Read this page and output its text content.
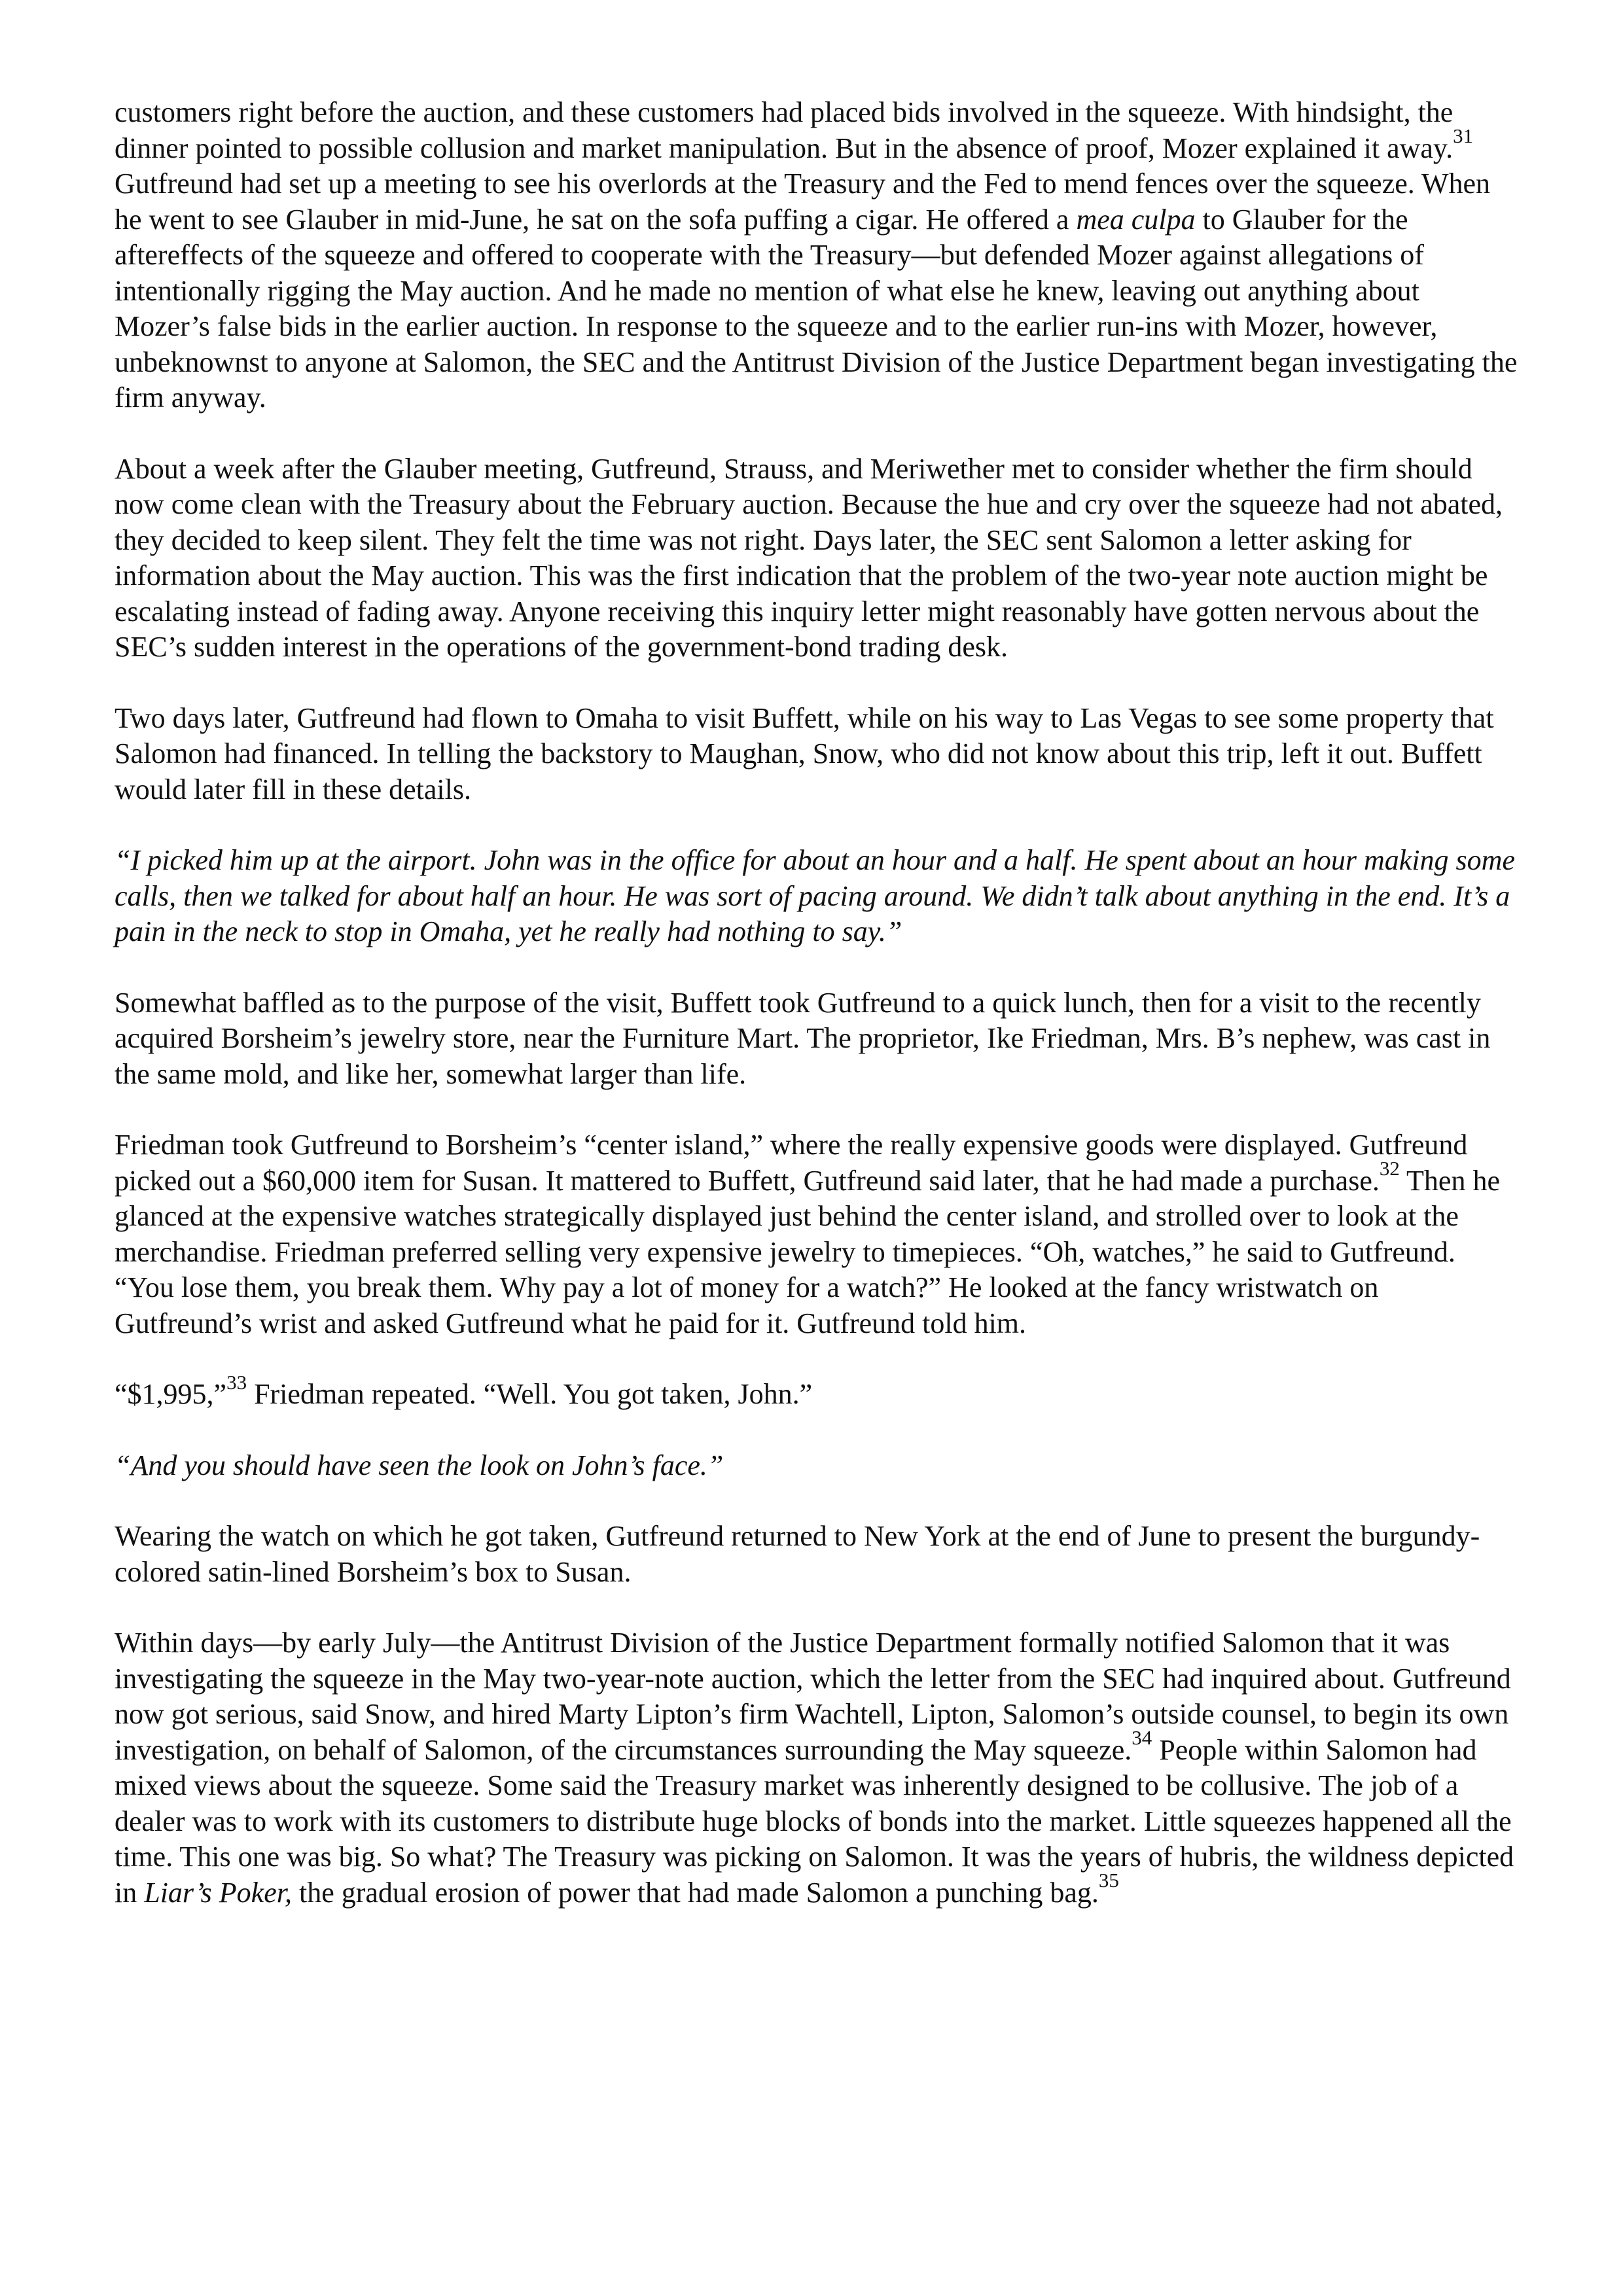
customers right before the auction, and these customers had placed bids involved in the squeeze. With hindsight, the dinner pointed to possible collusion and market manipulation. But in the absence of proof, Mozer explained it away.$^{31}$ Gutfreund had set up a meeting to see his overlords at the Treasury and the Fed to mend fences over the squeeze. When he went to see Glauber in mid-June, he sat on the sofa puffing a cigar. He offered a mea culpa to Glauber for the aftereffects of the squeeze and offered to cooperate with the Treasury—but defended Mozer against allegations of intentionally rigging the May auction. And he made no mention of what else he knew, leaving out anything about Mozer’s false bids in the earlier auction. In response to the squeeze and to the earlier run-ins with Mozer, however, unbeknownst to anyone at Salomon, the SEC and the Antitrust Division of the Justice Department began investigating the firm anyway.

About a week after the Glauber meeting, Gutfreund, Strauss, and Meriwether met to consider whether the firm should now come clean with the Treasury about the February auction. Because the hue and cry over the squeeze had not abated, they decided to keep silent. They felt the time was not right. Days later, the SEC sent Salomon a letter asking for information about the May auction. This was the first indication that the problem of the two-year note auction might be escalating instead of fading away. Anyone receiving this inquiry letter might reasonably have gotten nervous about the SEC’s sudden interest in the operations of the government-bond trading desk.

Two days later, Gutfreund had flown to Omaha to visit Buffett, while on his way to Las Vegas to see some property that Salomon had financed. In telling the backstory to Maughan, Snow, who did not know about this trip, left it out. Buffett would later fill in these details.

“I picked him up at the airport. John was in the office for about an hour and a half. He spent about an hour making some calls, then we talked for about half an hour. He was sort of pacing around. We didn’t talk about anything in the end. It’s a pain in the neck to stop in Omaha, yet he really had nothing to say.”

Somewhat baffled as to the purpose of the visit, Buffett took Gutfreund to a quick lunch, then for a visit to the recently acquired Borsheim’s jewelry store, near the Furniture Mart. The proprietor, Ike Friedman, Mrs. B’s nephew, was cast in the same mold, and like her, somewhat larger than life.

Friedman took Gutfreund to Borsheim’s “center island,” where the really expensive goods were displayed. Gutfreund picked out a $60,000 item for Susan. It mattered to Buffett, Gutfreund said later, that he had made a purchase.$^{32}$ Then he glanced at the expensive watches strategically displayed just behind the center island, and strolled over to look at the merchandise. Friedman preferred selling very expensive jewelry to timepieces. “Oh, watches,” he said to Gutfreund. “You lose them, you break them. Why pay a lot of money for a watch?” He looked at the fancy wristwatch on Gutfreund’s wrist and asked Gutfreund what he paid for it. Gutfreund told him.

“$1,995,”$^{33}$ Friedman repeated. “Well. You got taken, John.”

“And you should have seen the look on John’s face.”

Wearing the watch on which he got taken, Gutfreund returned to New York at the end of June to present the burgundy-colored satin-lined Borsheim’s box to Susan.

Within days—by early July—the Antitrust Division of the Justice Department formally notified Salomon that it was investigating the squeeze in the May two-year-note auction, which the letter from the SEC had inquired about. Gutfreund now got serious, said Snow, and hired Marty Lipton’s firm Wachtell, Lipton, Salomon’s outside counsel, to begin its own investigation, on behalf of Salomon, of the circumstances surrounding the May squeeze.$^{34}$ People within Salomon had mixed views about the squeeze. Some said the Treasury market was inherently designed to be collusive. The job of a dealer was to work with its customers to distribute huge blocks of bonds into the market. Little squeezes happened all the time. This one was big. So what? The Treasury was picking on Salomon. It was the years of hubris, the wildness depicted in Liar’s Poker, the gradual erosion of power that had made Salomon a punching bag.$^{35}$
